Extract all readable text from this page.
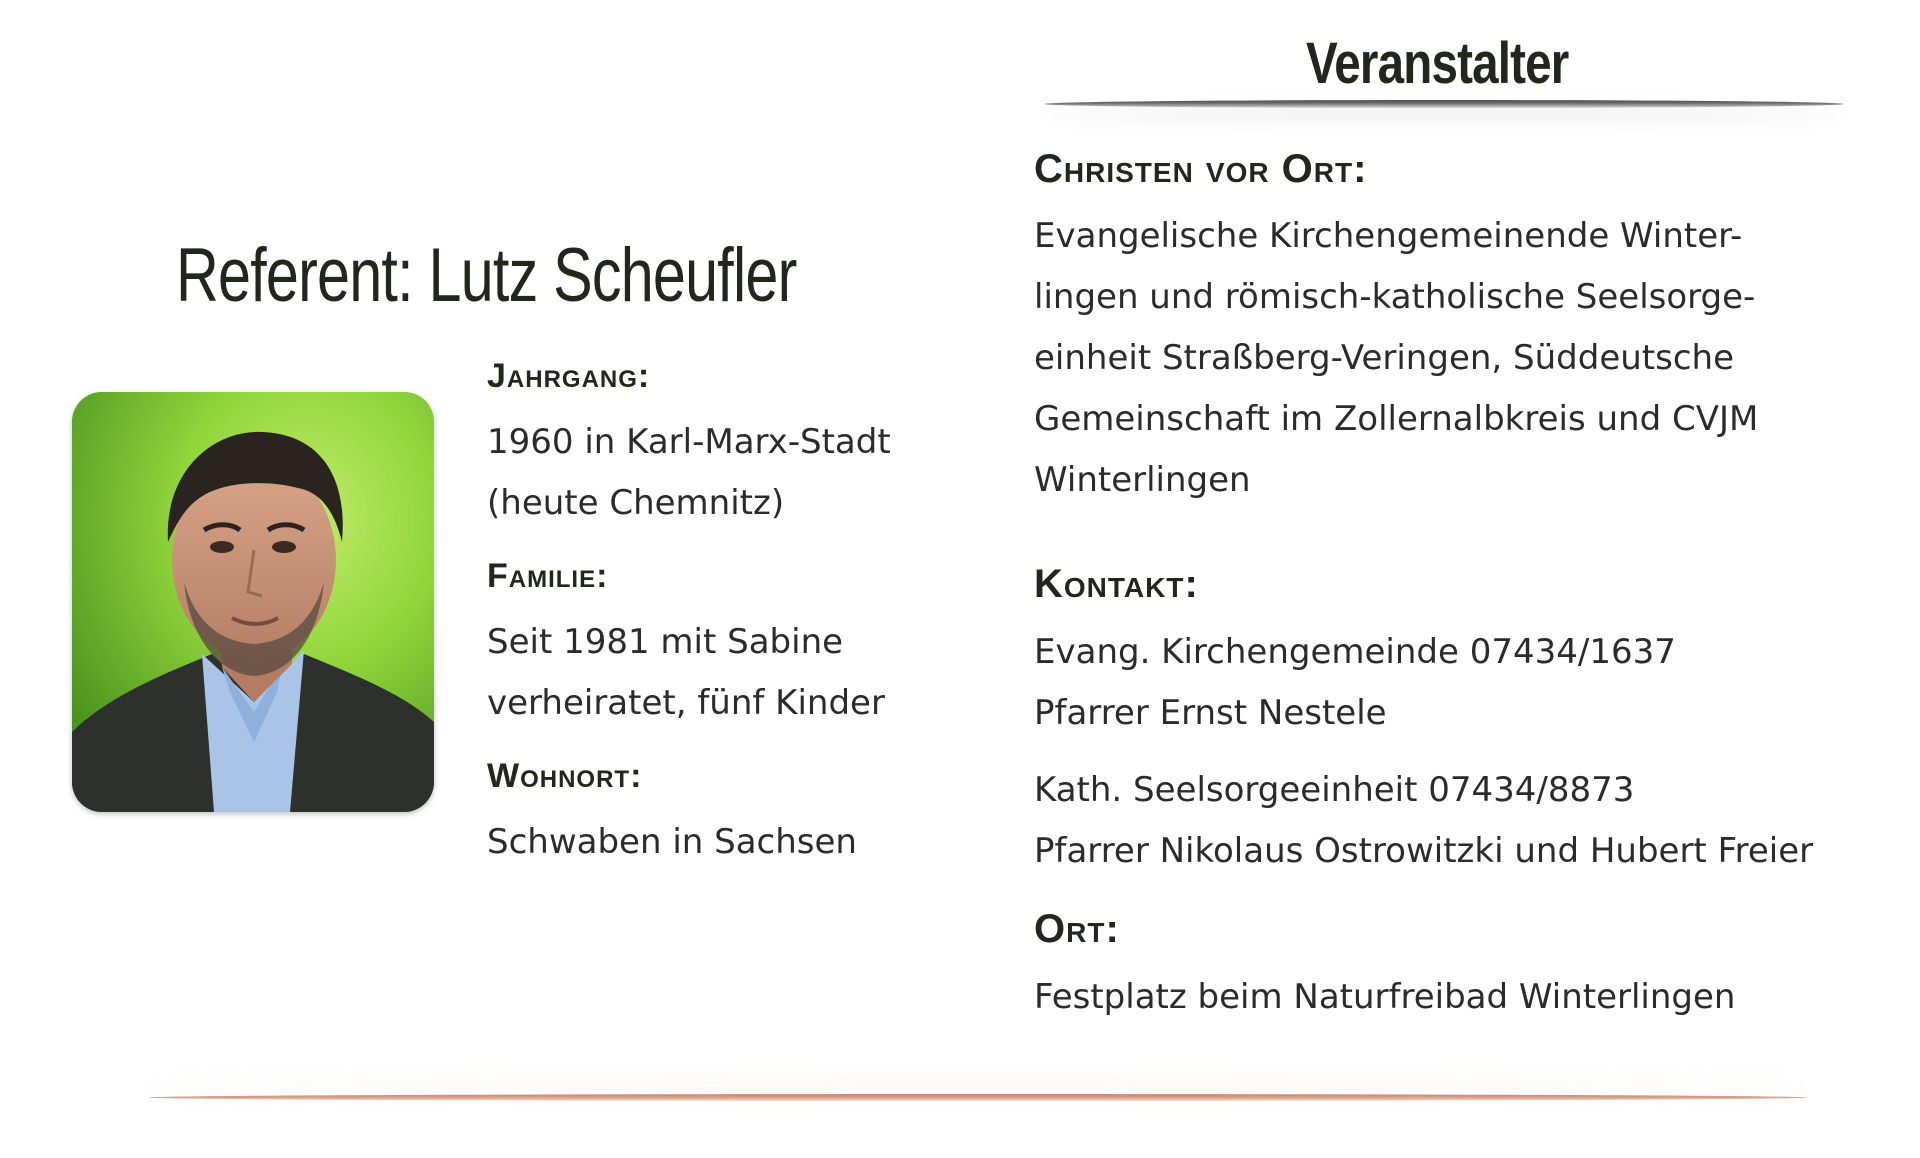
Veranstalter
Referent: Lutz Scheufler
Jahrgang:
1960 in Karl-Marx-Stadt
(heute Chemnitz)
Familie:
Seit 1981 mit Sabine
verheiratet, fünf Kinder
Wohnort:
Schwaben in Sachsen
Christen vor Ort:
Evangelische Kirchengemeinende Winter-
lingen und römisch-katholische Seelsorge-
einheit Straßberg-Veringen, Süddeutsche
Gemeinschaft im Zollernalbkreis und CVJM
Winterlingen
Kontakt:
Evang. Kirchengemeinde 07434/1637
Pfarrer Ernst Nestele
Kath. Seelsorgeeinheit 07434/8873
Pfarrer Nikolaus Ostrowitzki und Hubert Freier
Ort:
Festplatz beim Naturfreibad Winterlingen
